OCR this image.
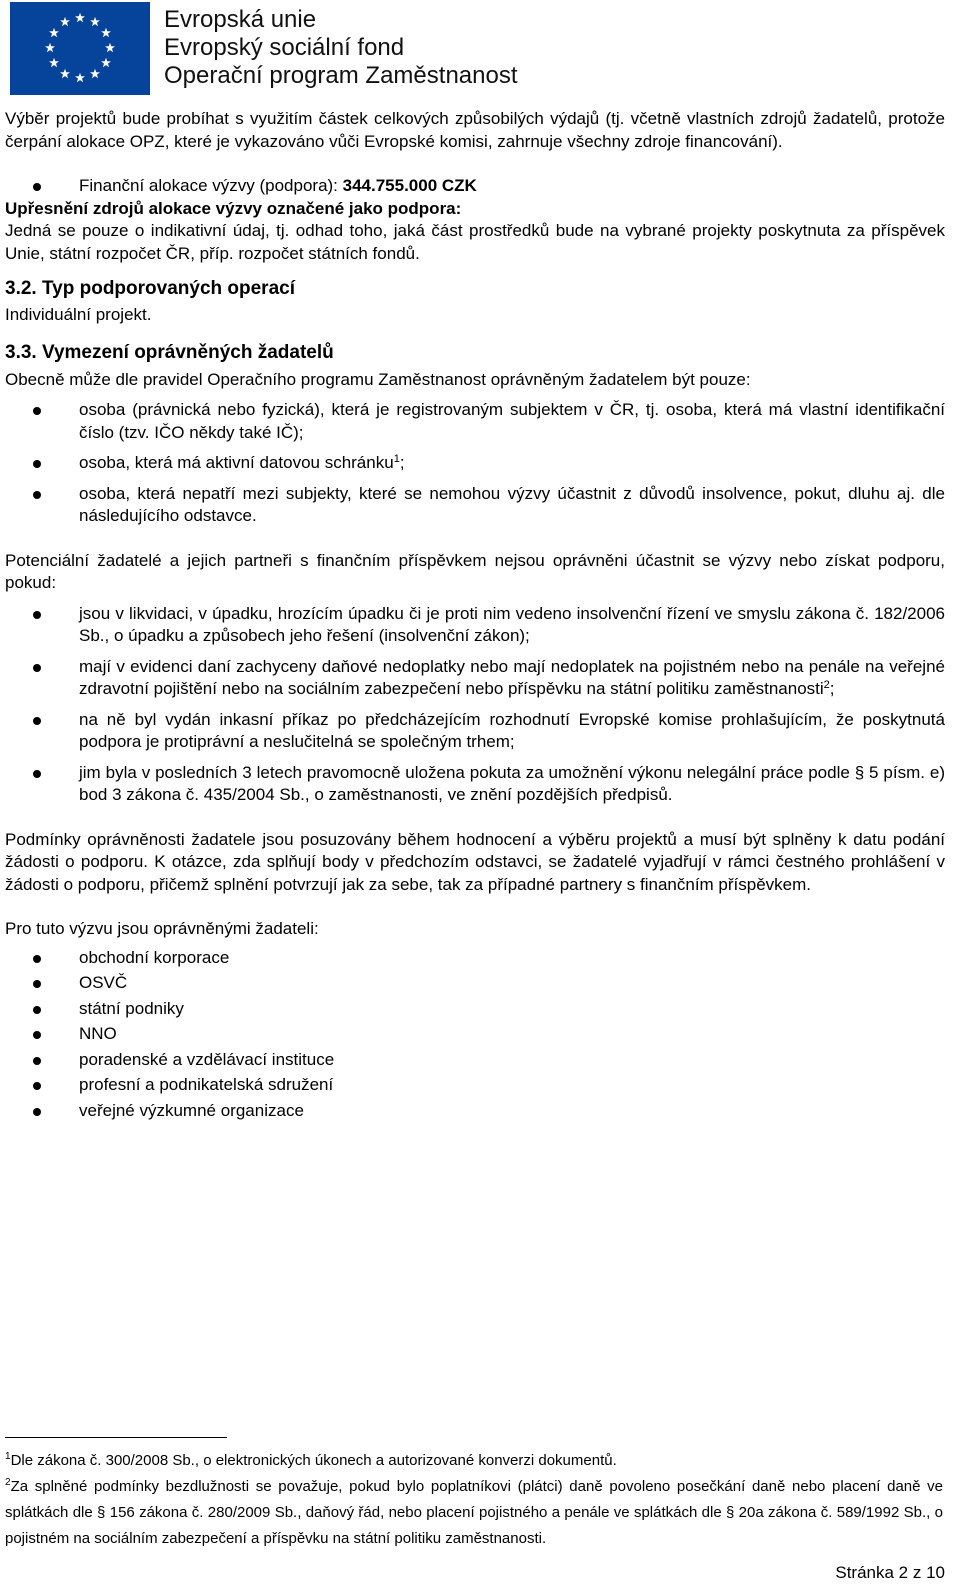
Evropská unie
Evropský sociální fond
Operační program Zaměstnanost

Výběr projektů bude probíhat s využitím částek celkových způsobilých výdajů (tj. včetně vlastních zdrojů žadatelů, protože čerpání alokace OPZ, které je vykazováno vůči Evropské komisi, zahrnuje všechny zdroje financování).

Finanční alokace výzvy (podpora): 344.755.000 CZK

Upřesnění zdrojů alokace výzvy označené jako podpora:

Jedná se pouze o indikativní údaj, tj. odhad toho, jaká část prostředků bude na vybrané projekty poskytnuta za příspěvek Unie, státní rozpočet ČR, příp. rozpočet státních fondů.

3.2. Typ podporovaných operací

Individuální projekt.

3.3. Vymezení oprávněných žadatelů

Obecně může dle pravidel Operačního programu Zaměstnanost oprávněným žadatelem být pouze:

osoba (právnická nebo fyzická), která je registrovaným subjektem v ČR, tj. osoba, která má vlastní identifikační číslo (tzv. IČO někdy také IČ);
osoba, která má aktivní datovou schránku$^1$;
osoba, která nepatří mezi subjekty, které se nemohou výzvy účastnit z důvodů insolvence, pokut, dluhu aj. dle následujícího odstavce.

Potenciální žadatelé a jejich partneři s finančním příspěvkem nejsou oprávněni účastnit se výzvy nebo získat podporu, pokud:

jsou v likvidaci, v úpadku, hrozícím úpadku či je proti nim vedeno insolvenční řízení ve smyslu zákona č. 182/2006 Sb., o úpadku a způsobech jeho řešení (insolvenční zákon);
mají v evidenci daní zachyceny daňové nedoplatky nebo mají nedoplatek na pojistném nebo na penále na veřejné zdravotní pojištění nebo na sociálním zabezpečení nebo příspěvku na státní politiku zaměstnanosti$^2$;
na ně byl vydán inkasní příkaz po předcházejícím rozhodnutí Evropské komise prohlašujícím, že poskytnutá podpora je protiprávní a neslučitelná se společným trhem;
jim byla v posledních 3 letech pravomocně uložena pokuta za umožnění výkonu nelegální práce podle § 5 písm. e) bod 3 zákona č. 435/2004 Sb., o zaměstnanosti, ve znění pozdějších předpisů.

Podmínky oprávněnosti žadatele jsou posuzovány během hodnocení a výběru projektů a musí být splněny k datu podání žádosti o podporu. K otázce, zda splňují body v předchozím odstavci, se žadatelé vyjadřují v rámci čestného prohlášení v žádosti o podporu, přičemž splnění potvrzují jak za sebe, tak za případné partnery s finančním příspěvkem.

Pro tuto výzvu jsou oprávněnými žadateli:

obchodní korporace
OSVČ
státní podniky
NNO
poradenské a vzdělávací instituce
profesní a podnikatelská sdružení
veřejné výzkumné organizace

$^1$Dle zákona č. 300/2008 Sb., o elektronických úkonech a autorizované konverzi dokumentů.

$^2$Za splněné podmínky bezdlužnosti se považuje, pokud bylo poplatníkovi (plátci) daně povoleno posečkání daně nebo placení daně ve splátkách dle § 156 zákona č. 280/2009 Sb., daňový řád, nebo placení pojistného a penále ve splátkách dle § 20a zákona č. 589/1992 Sb., o pojistném na sociálním zabezpečení a příspěvku na státní politiku zaměstnanosti.

Stránka 2 z 10
